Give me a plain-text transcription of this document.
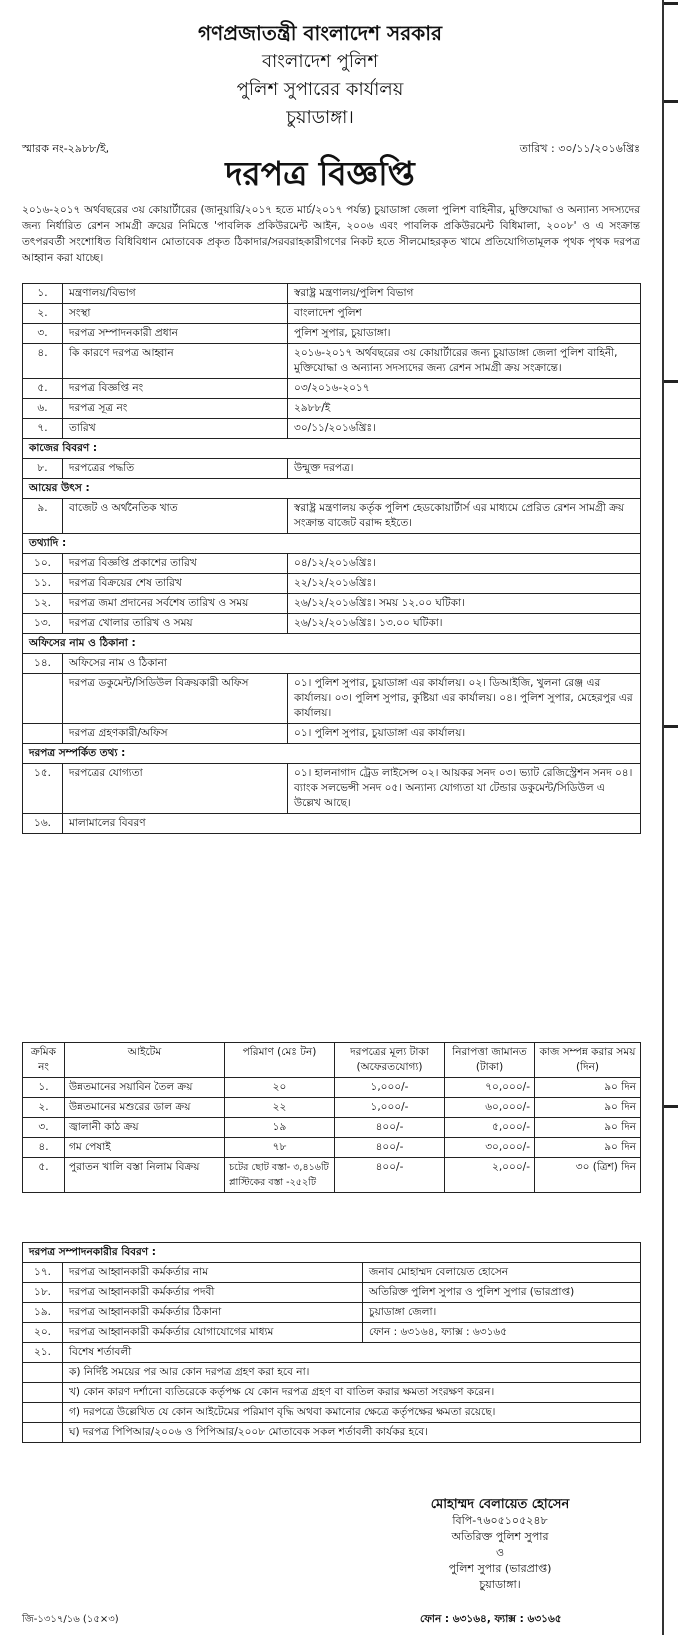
গণপ্রজাতন্ত্রী বাংলাদেশ সরকার
বাংলাদেশ পুলিশ
পুলিশ সুপারের কার্যালয়
চুয়াডাঙ্গা।
স্মারক নং-২৯৮৮/ই,	তারিখ : ৩০/১১/২০১৬খ্রিঃ
দরপত্র বিজ্ঞপ্তি
২০১৬-২০১৭ অর্থবছরের ৩য় কোয়ার্টারের (জানুয়ারি/২০১৭ হতে মার্চ/২০১৭ পর্যন্ত) চুয়াডাঙ্গা জেলা পুলিশ বাহিনীর, মুক্তিযোদ্ধা ও অন্যান্য সদস্যদের জন্য নির্ধারিত রেশন সামগ্রী ক্রয়ের নিমিত্তে 'পাবলিক প্রকিউরমেন্ট আইন, ২০০৬ এবং পাবলিক প্রকিউরমেন্ট বিধিমালা, ২০০৮' ও এ সংক্রান্ত তৎপরবর্তী সংশোধিত বিধিবিধান মোতাবেক প্রকৃত ঠিকাদার/সরবরাহকারীগণের নিকট হতে সীলমোহরকৃত খামে প্রতিযোগিতামূলক পৃথক পৃথক দরপত্র আহ্বান করা যাচ্ছে।
১.	মন্ত্রণালয়/বিভাগ	স্বরাষ্ট্র মন্ত্রণালয়/পুলিশ বিভাগ
২.	সংস্থা	বাংলাদেশ পুলিশ
৩.	দরপত্র সম্পাদনকারী প্রধান	পুলিশ সুপার, চুয়াডাঙ্গা।
৪.	কি কারণে দরপত্র আহ্বান	২০১৬-২০১৭ অর্থবছরের ৩য় কোয়ার্টারের জন্য চুয়াডাঙ্গা জেলা পুলিশ বাহিনী, মুক্তিযোদ্ধা ও অন্যান্য সদস্যদের জন্য রেশন সামগ্রী ক্রয় সংক্রান্তে।
৫.	দরপত্র বিজ্ঞপ্তি নং	০৩/২০১৬-২০১৭
৬.	দরপত্র সূত্র নং	২৯৮৮/ই
৭.	তারিখ	৩০/১১/২০১৬খ্রিঃ।
কাজের বিবরণ :		
৮.	দরপত্রের পদ্ধতি	উন্মুক্ত দরপত্র।
আয়ের উৎস :		
৯.	বাজেট ও অর্থনৈতিক খাত	স্বরাষ্ট্র মন্ত্রণালয় কর্তৃক পুলিশ হেডকোয়ার্টার্স এর মাধ্যমে প্রেরিত রেশন সামগ্রী ক্রয় সংক্রান্ত বাজেট বরাদ্দ হইতে।
তথ্যাদি :		
১০.	দরপত্র বিজ্ঞপ্তি প্রকাশের তারিখ	০৪/১২/২০১৬খ্রিঃ।
১১.	দরপত্র বিক্রয়ের শেষ তারিখ	২২/১২/২০১৬খ্রিঃ।
১২.	দরপত্র জমা প্রদানের সর্বশেষ তারিখ ও সময়	২৬/১২/২০১৬খ্রিঃ। সময় ১২.০০ ঘটিকা।
১৩.	দরপত্র খোলার তারিখ ও সময়	২৬/১২/২০১৬খ্রিঃ। ১৩.০০ ঘটিকা।
অফিসের নাম ও ঠিকানা :		
১৪.	অফিসের নাম ও ঠিকানা	
	দরপত্র ডকুমেন্ট/সিডিউল বিক্রয়কারী অফিস	০১। পুলিশ সুপার, চুয়াডাঙ্গা এর কার্যালয়। ০২। ডিআইজি, খুলনা রেঞ্জ এর কার্যালয়। ০৩। পুলিশ সুপার, কুষ্টিয়া এর কার্যালয়। ০৪। পুলিশ সুপার, মেহেরপুর এর কার্যালয়।
	দরপত্র গ্রহণকারী/অফিস	০১। পুলিশ সুপার, চুয়াডাঙ্গা এর কার্যালয়।
দরপত্র সম্পর্কিত তথ্য :		
১৫.	দরপত্রের যোগ্যতা	০১। হালনাগাদ ট্রেড লাইসেন্স ০২। আয়কর সনদ ০৩। ভ্যাট রেজিস্ট্রেশন সনদ ০৪। ব্যাংক সলভেন্সী সনদ ০৫। অন্যান্য যোগ্যতা যা টেন্ডার ডকুমেন্ট/সিডিউল এ উল্লেখ আছে।
১৬.	মালামালের বিবরণ	
ক্রমিক নং	আইটেম	পরিমাণ (মেঃ টন)	দরপত্রের মূল্য টাকা (অফেরতযোগ্য)	নিরাপত্তা জামানত (টাকা)	কাজ সম্পন্ন করার সময় (দিন)
১.	উন্নতমানের সয়াবিন তৈল ক্রয়	২০	১,০০০/-	৭০,০০০/-	৯০ দিন
২.	উন্নতমানের মশুরের ডাল ক্রয়	২২	১,০০০/-	৬০,০০০/-	৯০ দিন
৩.	জ্বালানী কাঠ ক্রয়	১৯	৪০০/-	৫,০০০/-	৯০ দিন
৪.	গম পেষাই	৭৮	৪০০/-	৩০,০০০/-	৯০ দিন
৫.	পুরাতন খালি বস্তা নিলাম বিক্রয়	চটের ছোট বস্তা- ৩,৪১৬টি প্লাস্টিকের বস্তা -২৫২টি	৪০০/-	২,০০০/-	৩০ (ত্রিশ) দিন
দরপত্র সম্পাদনকারীর বিবরণ :		
১৭.	দরপত্র আহ্বানকারী কর্মকর্তার নাম	জনাব মোহাম্মদ বেলায়েত হোসেন
১৮.	দরপত্র আহ্বানকারী কর্মকর্তার পদবী	অতিরিক্ত পুলিশ সুপার ও পুলিশ সুপার (ভারপ্রাপ্ত)
১৯.	দরপত্র আহ্বানকারী কর্মকর্তার ঠিকানা	চুয়াডাঙ্গা জেলা।
২০.	দরপত্র আহ্বানকারী কর্মকর্তার যোগাযোগের মাধ্যম	ফোন : ৬৩১৬৪, ফ্যাক্স : ৬৩১৬৫
২১.	বিশেষ শর্তাবলী	
	ক) নির্দিষ্ট সময়ের পর আর কোন দরপত্র গ্রহণ করা হবে না।	
	খ) কোন কারণ দর্শানো ব্যতিরেকে কর্তৃপক্ষ যে কোন দরপত্র গ্রহণ বা বাতিল করার ক্ষমতা সংরক্ষণ করেন।	
	গ) দরপত্রে উল্লেখিত যে কোন আইটেমের পরিমাণ বৃদ্ধি অথবা কমানোর ক্ষেত্রে কর্তৃপক্ষের ক্ষমতা রয়েছে।	
	ঘ) দরপত্র পিপিআর/২০০৬ ও পিপিআর/২০০৮ মোতাবেক সকল শর্তাবলী কার্যকর হবে।	
মোহাম্মদ বেলায়েত হোসেন
বিপি-৭৬০৫১০৫২৪৮
অতিরিক্ত পুলিশ সুপার
ও
পুলিশ সুপার (ভারপ্রাপ্ত)
চুয়াডাঙ্গা।
জি-১৩১৭/১৬ (১৫×৩)	ফোন : ৬৩১৬৪, ফ্যাক্স : ৬৩১৬৫
